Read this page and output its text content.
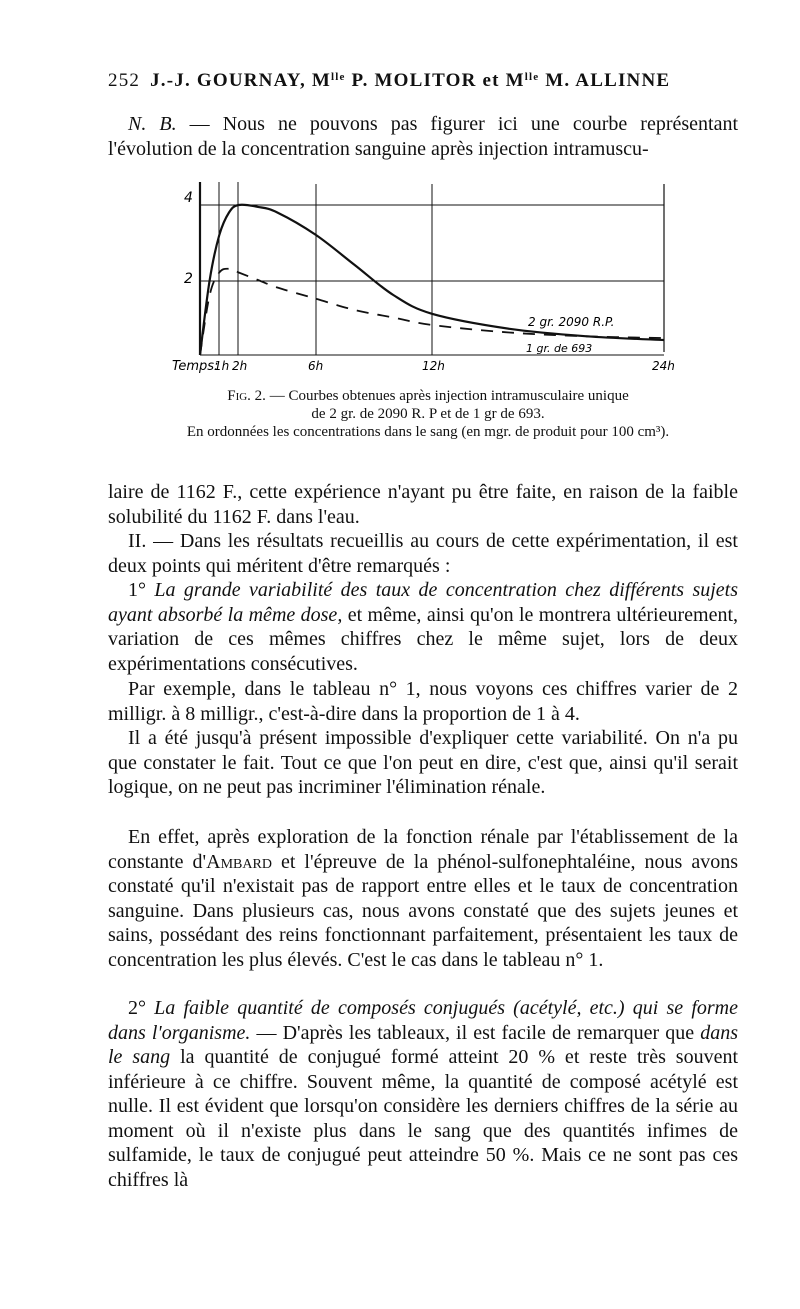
252 J.-J. GOURNAY, $M^{lle}$ P. MOLITOR et $M^{lle}$ M. ALLINNE
N. B. — Nous ne pouvons pas figurer ici une courbe représentant l'évolution de la concentration sanguine après injection intramuscu-
4
2
Temps:
1h 2h	6h	12h	24h
2 gr. 2090 R.P.
1 gr. de 693
Fig. 2. — Courbes obtenues après injection intramusculaire unique
de 2 gr. de 2090 R. P et de 1 gr de 693.
En ordonnées les concentrations dans le sang (en mgr. de produit pour 100 cm³).
laire de 1162 F., cette expérience n'ayant pu être faite, en raison de la faible solubilité du 1162 F. dans l'eau.
II. — Dans les résultats recueillis au cours de cette expérimentation, il est deux points qui méritent d'être remarqués :
1° La grande variabilité des taux de concentration chez différents sujets ayant absorbé la même dose, et même, ainsi qu'on le montrera ultérieurement, variation de ces mêmes chiffres chez le même sujet, lors de deux expérimentations consécutives.
Par exemple, dans le tableau n° 1, nous voyons ces chiffres varier de 2 milligr. à 8 milligr., c'est-à-dire dans la proportion de 1 à 4.
Il a été jusqu'à présent impossible d'expliquer cette variabilité. On n'a pu que constater le fait. Tout ce que l'on peut en dire, c'est que, ainsi qu'il serait logique, on ne peut pas incriminer l'élimination rénale.
En effet, après exploration de la fonction rénale par l'établissement de la constante d'Ambard et l'épreuve de la phénol-sulfonephtaléine, nous avons constaté qu'il n'existait pas de rapport entre elles et le taux de concentration sanguine. Dans plusieurs cas, nous avons constaté que des sujets jeunes et sains, possédant des reins fonctionnant parfaitement, présentaient les taux de concentration les plus élevés. C'est le cas dans le tableau n° 1.
2° La faible quantité de composés conjugués (acétylé, etc.) qui se forme dans l'organisme. — D'après les tableaux, il est facile de remarquer que dans le sang la quantité de conjugué formé atteint 20 % et reste très souvent inférieure à ce chiffre. Souvent même, la quantité de composé acétylé est nulle. Il est évident que lorsqu'on considère les derniers chiffres de la série au moment où il n'existe plus dans le sang que des quantités infimes de sulfamide, le taux de conjugué peut atteindre 50 %. Mais ce ne sont pas ces chiffres là
